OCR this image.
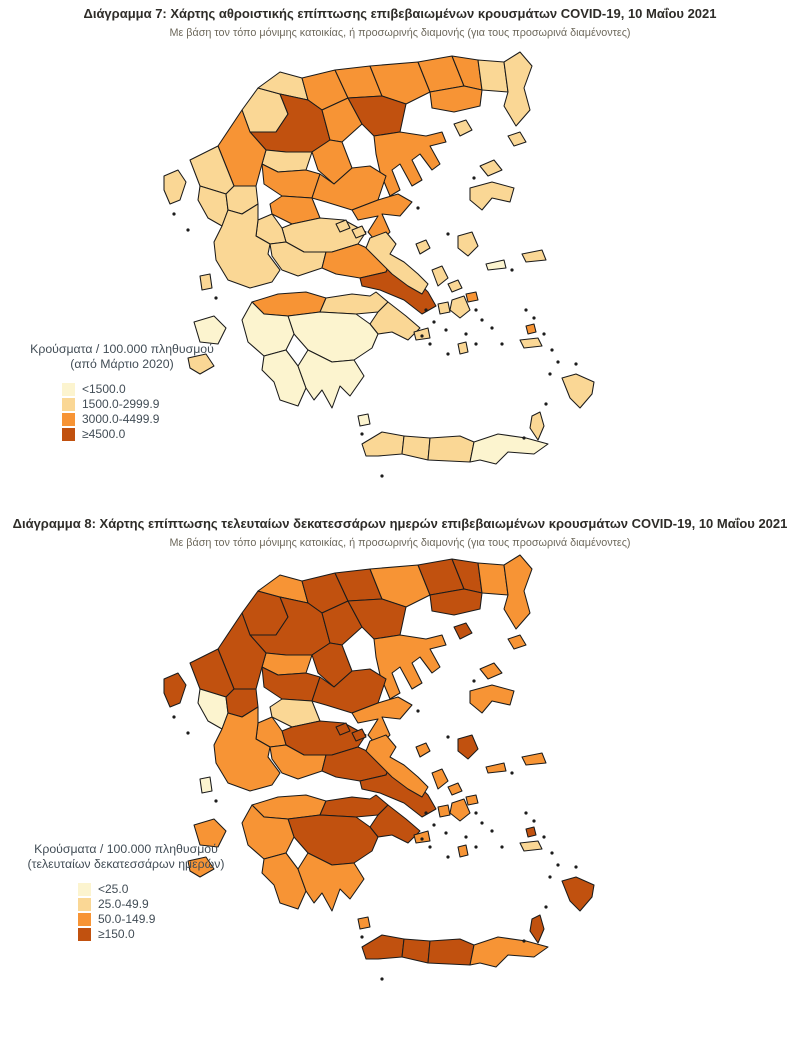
Διάγραμμα 7: Χάρτης αθροιστικής επίπτωσης επιβεβαιωμένων κρουσμάτων COVID-19, 10 Μαΐου 2021
Με βάση τον τόπο μόνιμης κατοικίας, ή προσωρινής διαμονής (για τους προσωρινά διαμένοντες)
Κρούσματα / 100.000 πληθυσμού
(από Μάρτιο 2020)
<1500.0
1500.0-2999.9
3000.0-4499.9
≥4500.0
Διάγραμμα 8: Χάρτης επίπτωσης τελευταίων δεκατεσσάρων ημερών επιβεβαιωμένων κρουσμάτων COVID-19, 10 Μαΐου 2021
Με βάση τον τόπο μόνιμης κατοικίας, ή προσωρινής διαμονής (για τους προσωρινά διαμένοντες)
Κρούσματα / 100.000 πληθυσμού
(τελευταίων δεκατεσσάρων ημερών)
<25.0
25.0-49.9
50.0-149.9
≥150.0
